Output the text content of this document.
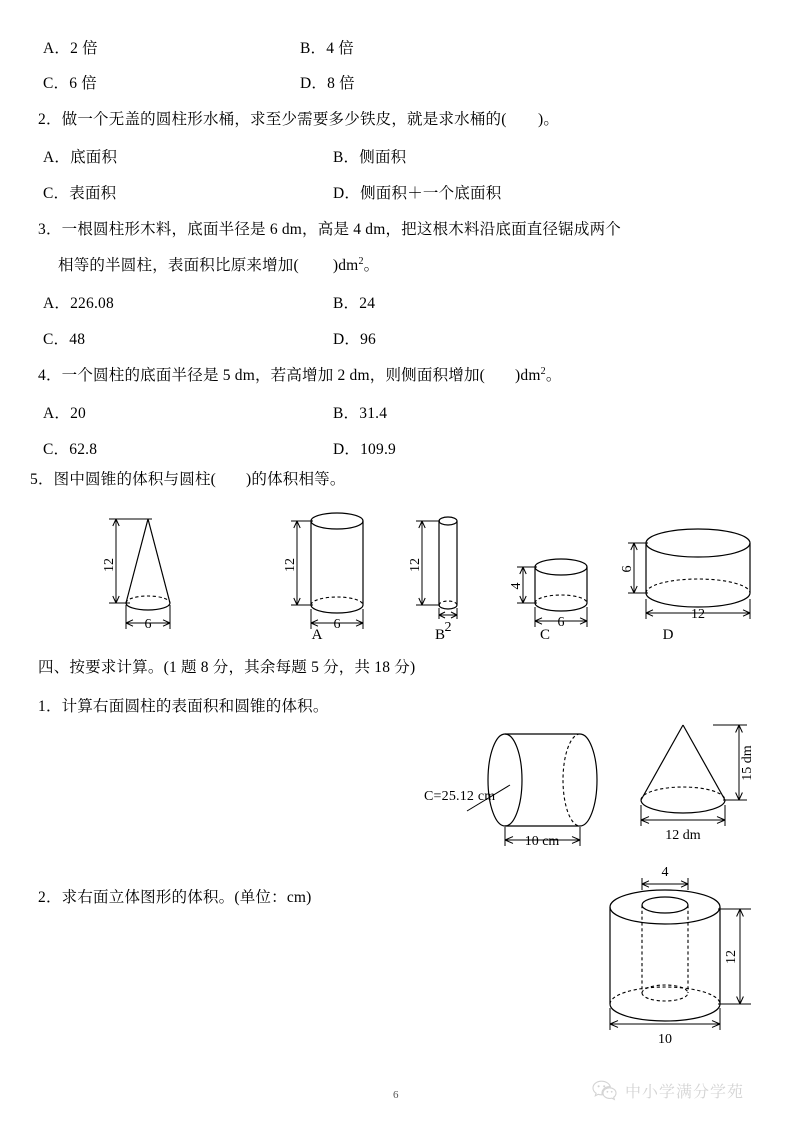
A．2 倍	B．4 倍
C．6 倍	D．8 倍
2．做一个无盖的圆柱形水桶，求至少需要多少铁皮，就是求水桶的(　　)。
A．底面积	B．侧面积
C．表面积	D．侧面积＋一个底面积
3．一根圆柱形木料，底面半径是 6 dm，高是 4 dm，把这根木料沿底面直径锯成两个
相等的半圆柱，表面积比原来增加( )$dm^2$。
A．226.08	B．24
C．48	D．96
4．一个圆柱的底面半径是 5 dm，若高增加 2 dm，则侧面积增加( )$dm^2$。
A．20	B．31.4
C．62.8	D．109.9
5．图中圆锥的体积与圆柱( )的体积相等。
12
6
12
6
A
12
2
B
4
6
C
6
12
D
四、按要求计算。(1 题 8 分，其余每题 5 分，共 18 分)
1．计算右面圆柱的表面积和圆锥的体积。
10 cm
C=25.12 cm
15 dm
12 dm
2．求右面立体图形的体积。(单位：cm)
4
12
10
6	中小学满分学苑
